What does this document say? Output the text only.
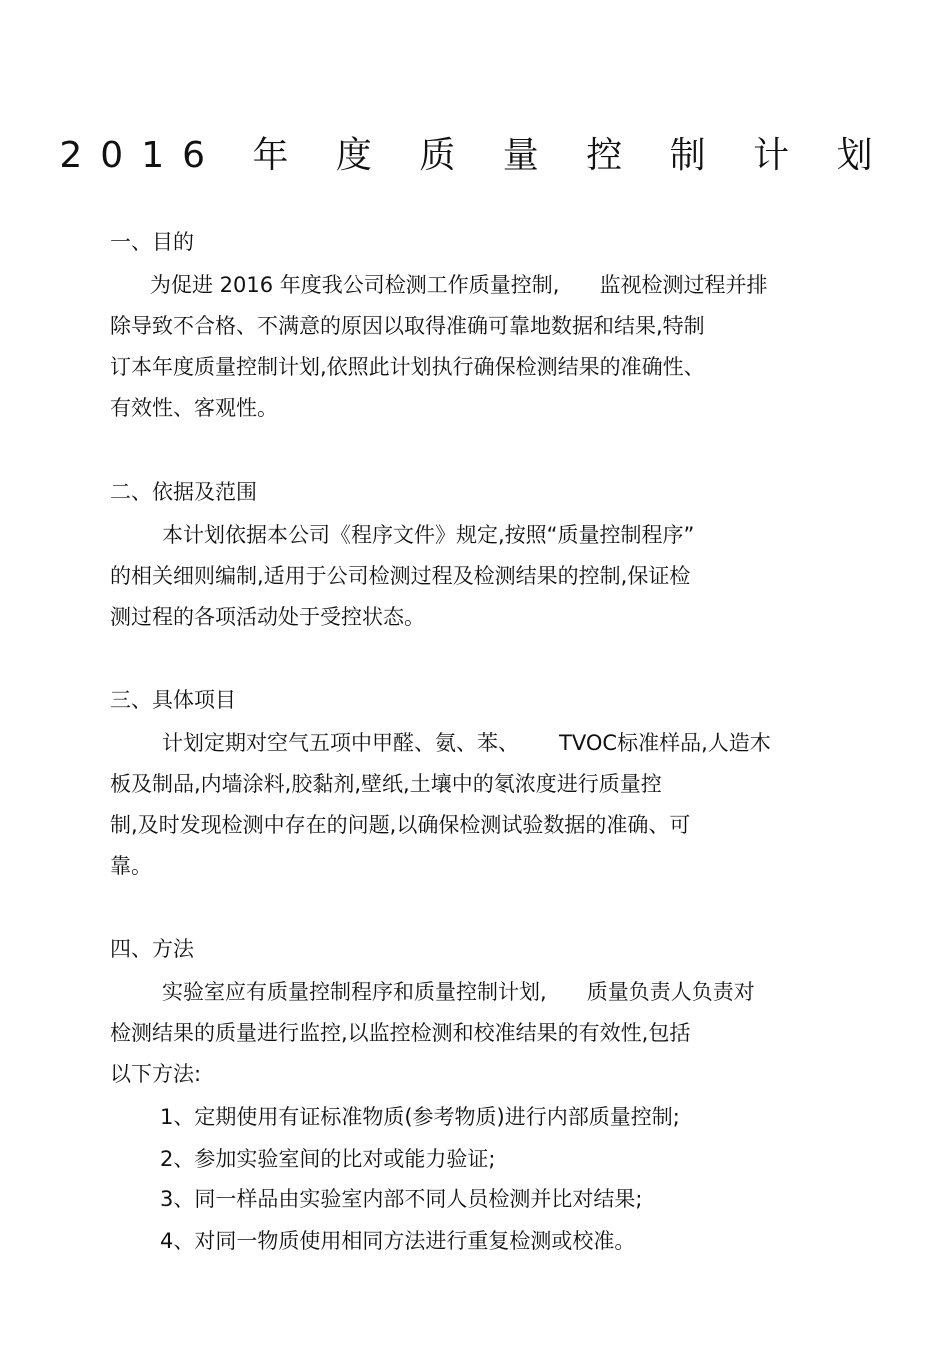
2016 年 度 质 量 控 制 计 划
一、目的
为促进 2016 年度我公司检测工作质量控制,      监视检测过程并排
除导致不合格、不满意的原因以取得准确可靠地数据和结果,特制
订本年度质量控制计划,依照此计划执行确保检测结果的准确性、
有效性、客观性。
二、依据及范围
本计划依据本公司《程序文件》规定,按照“质量控制程序”
的相关细则编制,适用于公司检测过程及检测结果的控制,保证检
测过程的各项活动处于受控状态。
三、具体项目
计划定期对空气五项中甲醛、氨、苯、      TVOC标准样品,人造木
板及制品,内墙涂料,胶黏剂,壁纸,土壤中的氡浓度进行质量控
制,及时发现检测中存在的问题,以确保检测试验数据的准确、可
靠。
四、方法
实验室应有质量控制程序和质量控制计划,      质量负责人负责对
检测结果的质量进行监控,以监控检测和校准结果的有效性,包括
以下方法:
1、定期使用有证标准物质(参考物质)进行内部质量控制;
2、参加实验室间的比对或能力验证;
3、同一样品由实验室内部不同人员检测并比对结果;
4、对同一物质使用相同方法进行重复检测或校准。
